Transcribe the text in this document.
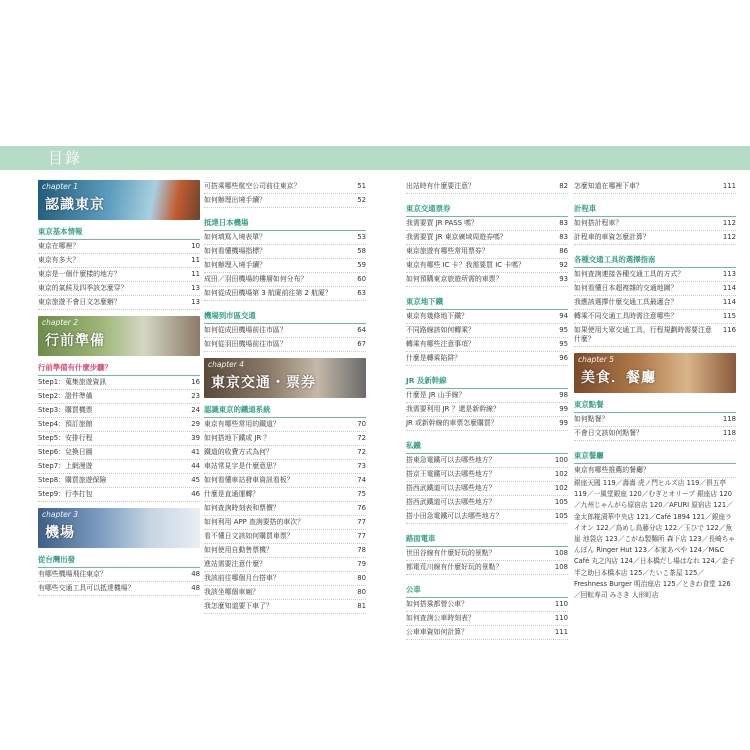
目錄
chapter 1
認識東京
東京基本情報
東京在哪裡？	10
東京有多大？	11
東京是一個什麼樣的地方？	11
東京的氣候及四季該怎麼穿？	13
東京旅遊不會日文怎麼辦？	13
chapter 2
行前準備
行前準備有什麼步驟？
Step1：蒐集旅遊資訊	16
Step2：證件準備	23
Step3：購買機票	24
Step4：預訂旅館	29
Step5：安排行程	39
Step6：兌換日圓	41
Step7：上網漫遊	44
Step8：購買旅遊保險	45
Step9：行李打包	46
chapter 3
機場
從台灣出發
有哪些機場飛往東京？	48
有哪些交通工具可以抵達機場？	48
可搭乘哪些航空公司前往東京？	51
如何辦理出境手續？	52
抵達日本機場
如何填寫入境表單？	53
如何看懂機場指標？	58
如何辦理入境手續？	59
成田／羽田機場的樓層如何分布？	60
如何從成田機場第 3 航廈前往第 2 航廈？	63
機場到市區交通
如何從成田機場前往市區？	64
如何從羽田機場前往市區？	67
chapter 4
東京交通・票券
認識東京的鐵道系統
東京有哪些常用的鐵道？	70
如何搭地下鐵或 JR ？	72
鐵道的收費方式為何？	72
車站常見字是什麼意思？	73
如何看懂車站發車資訊看板？	74
什麼是直通運轉？	75
如何查詢時刻表和票價？	76
如何利用 APP 查詢要搭的車次？	77
看不懂日文該如何購買車票？	77
如何使用自動售票機？	78
進站需要注意什麼？	79
我該前往哪個月台搭車？	80
我該坐哪個車廂？	80
我怎麼知道要下車了？	81
出站時有什麼要注意？	82
東京交通票券
我需要買 JR PASS 嗎？	83
我需要買 JR 東京廣域周遊券嗎？	83
東京旅遊有哪些常用票券？	86
東京有哪些 IC 卡？我需要買 IC 卡嗎？	92
如何預購東京旅遊所需的車票？	93
東京地下鐵
東京有幾條地下鐵？	94
不同路線該如何轉乘？	95
轉乘有哪些注意事項？	95
什麼是轉乘陷阱？	96
JR 及新幹線
什麼是 JR 山手線？	98
我需要利用 JR ？還是新幹線？	99
JR 或新幹線的車票怎麼購買？	99
私鐵
搭東急電鐵可以去哪些地方？	100
搭京王電鐵可以去哪些地方？	102
搭西武鐵道可以去哪些地方？	102
搭西武鐵道可以去哪些地方？	105
搭小田急電鐵可以去哪些地方？	105
路面電車
世田谷線有什麼好玩的景點？	108
都電荒川線有什麼好玩的景點？	108
公車
如何搭乘都營公車？	110
如何查詢公車時刻表？	110
公車車資如何計算？	111
怎麼知道在哪裡下車？	111
計程車
如何搭計程車？	112
計程車的車資怎麼計算？	112
各種交通工具的選擇指南
如何查詢連接各種交通工具的方式？	113
如何看懂日本超複雜的交通地圖？	114
我應該選擇什麼交通工具最適合？	114
轉乘不同交通工具時需注意哪些？	115
如果使用大眾交通工具，行程規劃時需要注意什麼？
116
chapter 5
美食．餐廳
東京點餐
如何點餐？	118
不會日文該如何點餐？	118
東京餐廳
東京有哪些推薦的餐廳？
銀座天國 119／壽壽 虎ノ門ヒルズ店 119／俱五亭 119／一風堂銀座 120／むぎとオリーブ 銀座店 120／九州じゃんがら原宿店 120／AFURI 原宿店 121／金太郎糀漬華中央店 121／Café 1894 121／銀座ライオン 122／鳥めし鳥藤分店 122／玉ひで 122／魚崖 池袋店 123／こがね製麵所 森下店 123／長崎ちゃんぽん Ringer Hut 123／本家あべや 124／M&C Café 丸之內店 124／日本橋だし場はなれ 124／金子半之助日本橋本店 125／たいこ茶屋 125／Freshness Burger 明治座店 125／ときわ食堂 126／回転寿司 みさき 人形町店
